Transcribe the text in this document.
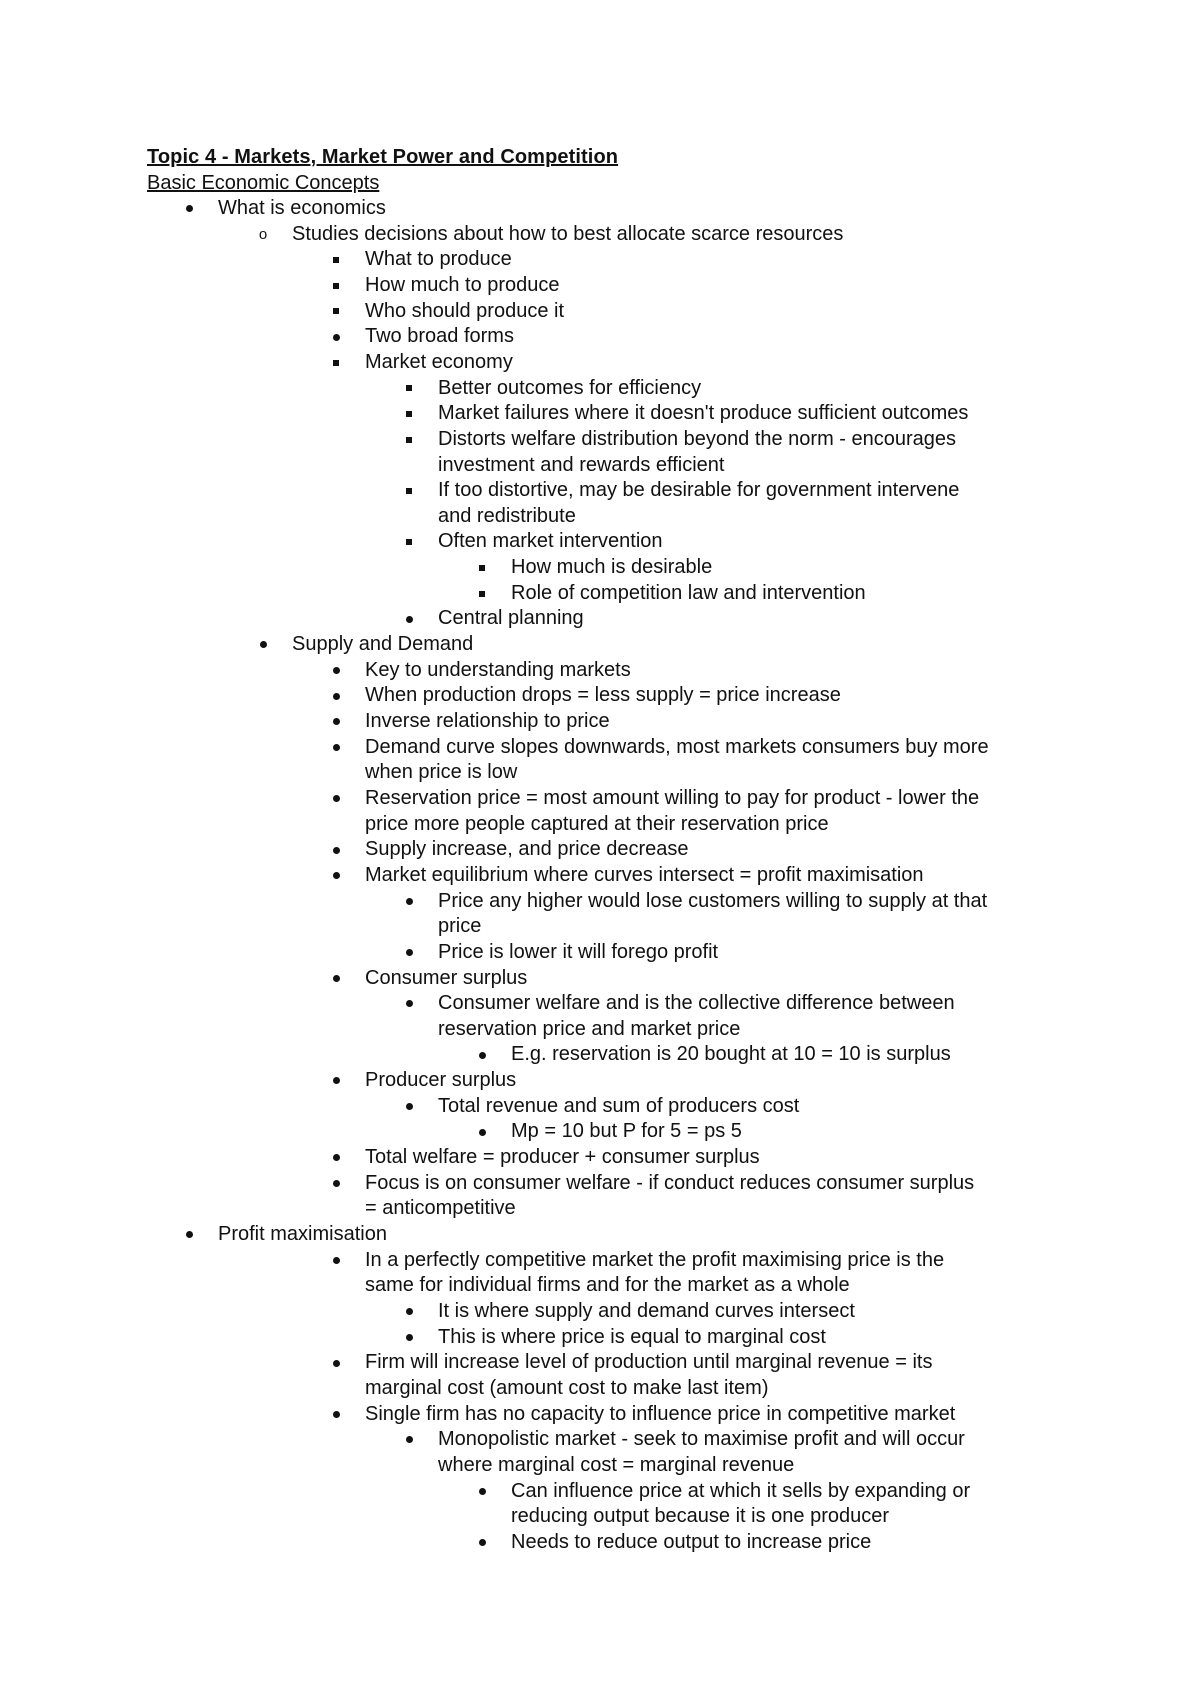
Topic 4 - Markets, Market Power and Competition
Basic Economic Concepts
What is economics
o
Studies decisions about how to best allocate scarce resources
What to produce
How much to produce
Who should produce it
Two broad forms
Market economy
Better outcomes for efficiency
Market failures where it doesn't produce sufficient outcomes
Distorts welfare distribution beyond the norm - encourages
investment and rewards efficient
If too distortive, may be desirable for government intervene
and redistribute
Often market intervention
How much is desirable
Role of competition law and intervention
Central planning
Supply and Demand
Key to understanding markets
When production drops = less supply = price increase
Inverse relationship to price
Demand curve slopes downwards, most markets consumers buy more
when price is low
Reservation price = most amount willing to pay for product - lower the
price more people captured at their reservation price
Supply increase, and price decrease
Market equilibrium where curves intersect = profit maximisation
Price any higher would lose customers willing to supply at that
price
Price is lower it will forego profit
Consumer surplus
Consumer welfare and is the collective difference between
reservation price and market price
E.g. reservation is 20 bought at 10 = 10 is surplus
Producer surplus
Total revenue and sum of producers cost
Mp = 10 but P for 5 = ps 5
Total welfare = producer + consumer surplus
Focus is on consumer welfare - if conduct reduces consumer surplus
= anticompetitive
Profit maximisation
In a perfectly competitive market the profit maximising price is the
same for individual firms and for the market as a whole
It is where supply and demand curves intersect
This is where price is equal to marginal cost
Firm will increase level of production until marginal revenue = its
marginal cost (amount cost to make last item)
Single firm has no capacity to influence price in competitive market
Monopolistic market - seek to maximise profit and will occur
where marginal cost = marginal revenue
Can influence price at which it sells by expanding or
reducing output because it is one producer
Needs to reduce output to increase price
